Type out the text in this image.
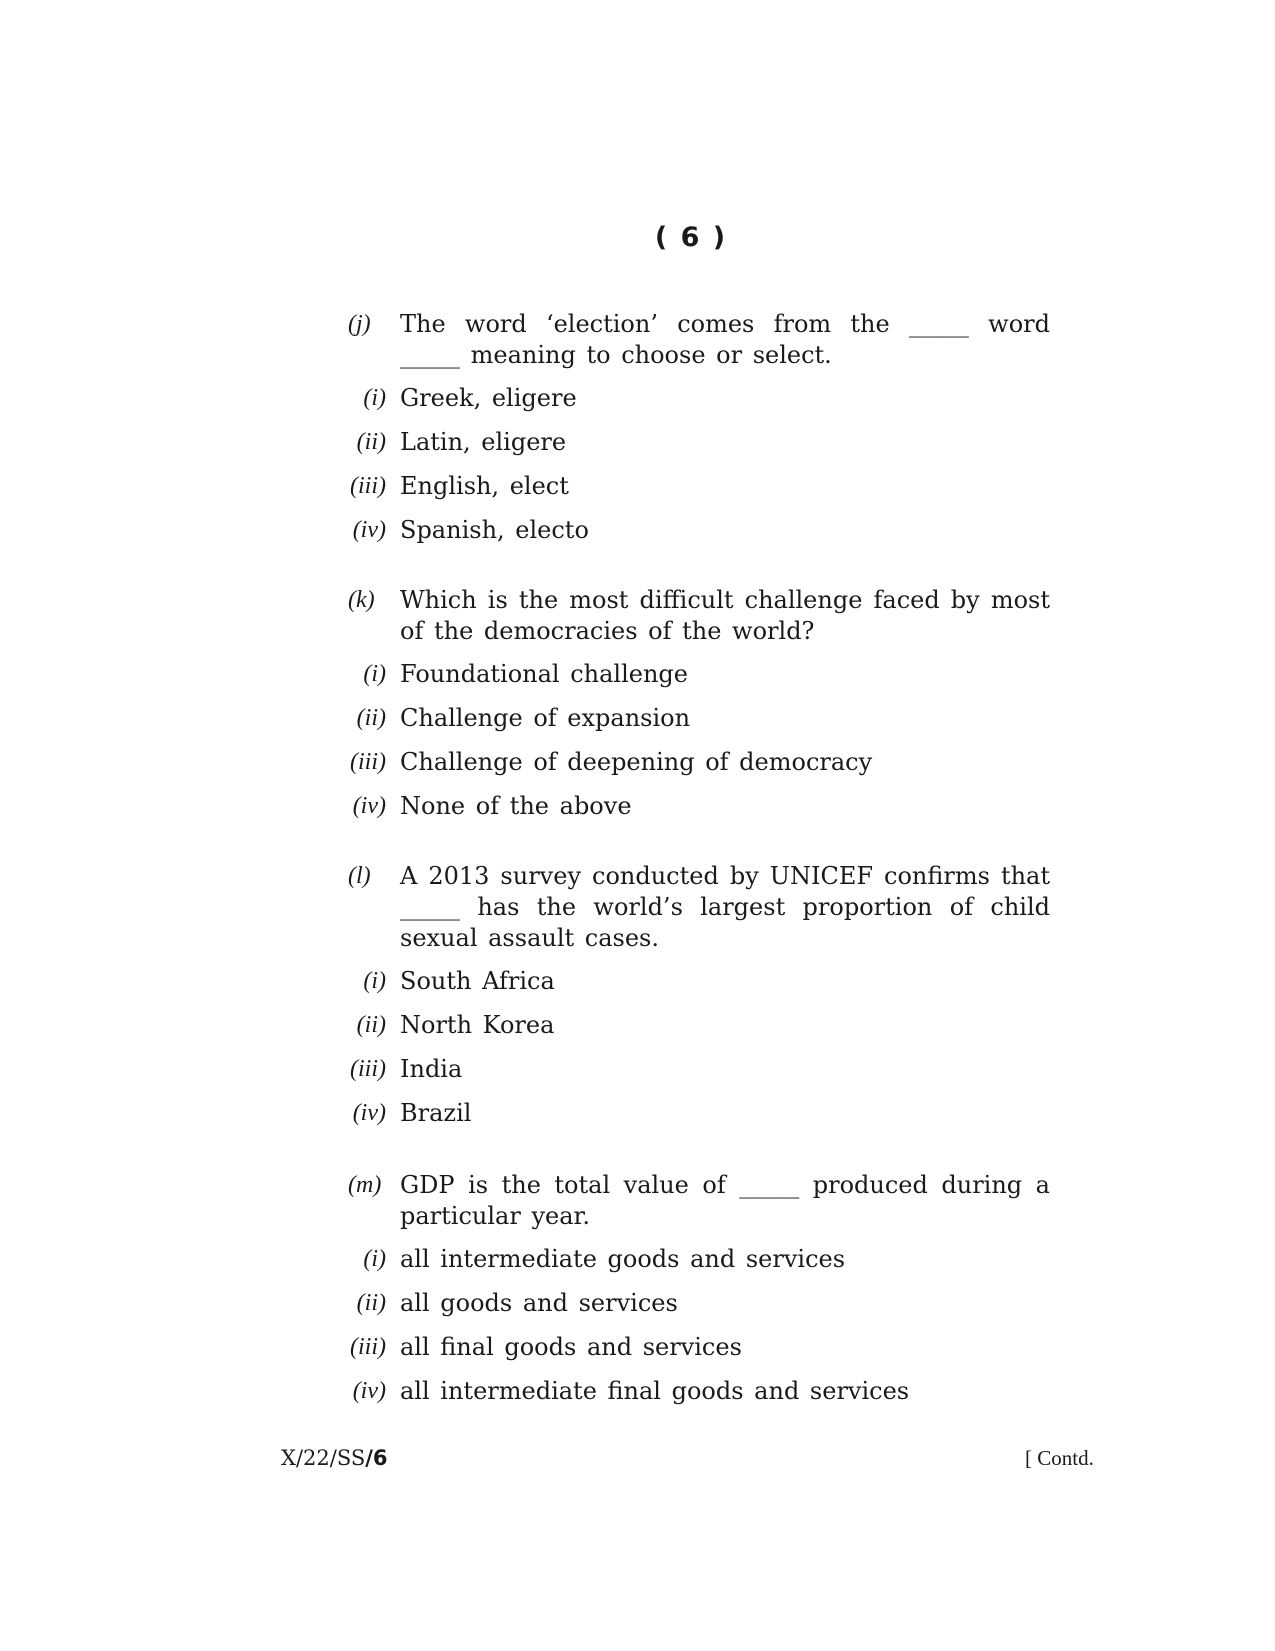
( 6 )
(j) The word ‘election’ comes from the _____ word _____ meaning to choose or select.
(i) Greek, eligere
(ii) Latin, eligere
(iii) English, elect
(iv) Spanish, electo
(k) Which is the most difficult challenge faced by most of the democracies of the world?
(i) Foundational challenge
(ii) Challenge of expansion
(iii) Challenge of deepening of democracy
(iv) None of the above
(l) A 2013 survey conducted by UNICEF confirms that _____ has the world’s largest proportion of child sexual assault cases.
(i) South Africa
(ii) North Korea
(iii) India
(iv) Brazil
(m) GDP is the total value of _____ produced during a particular year.
(i) all intermediate goods and services
(ii) all goods and services
(iii) all final goods and services
(iv) all intermediate final goods and services
X/22/SS/6	[ Contd.
